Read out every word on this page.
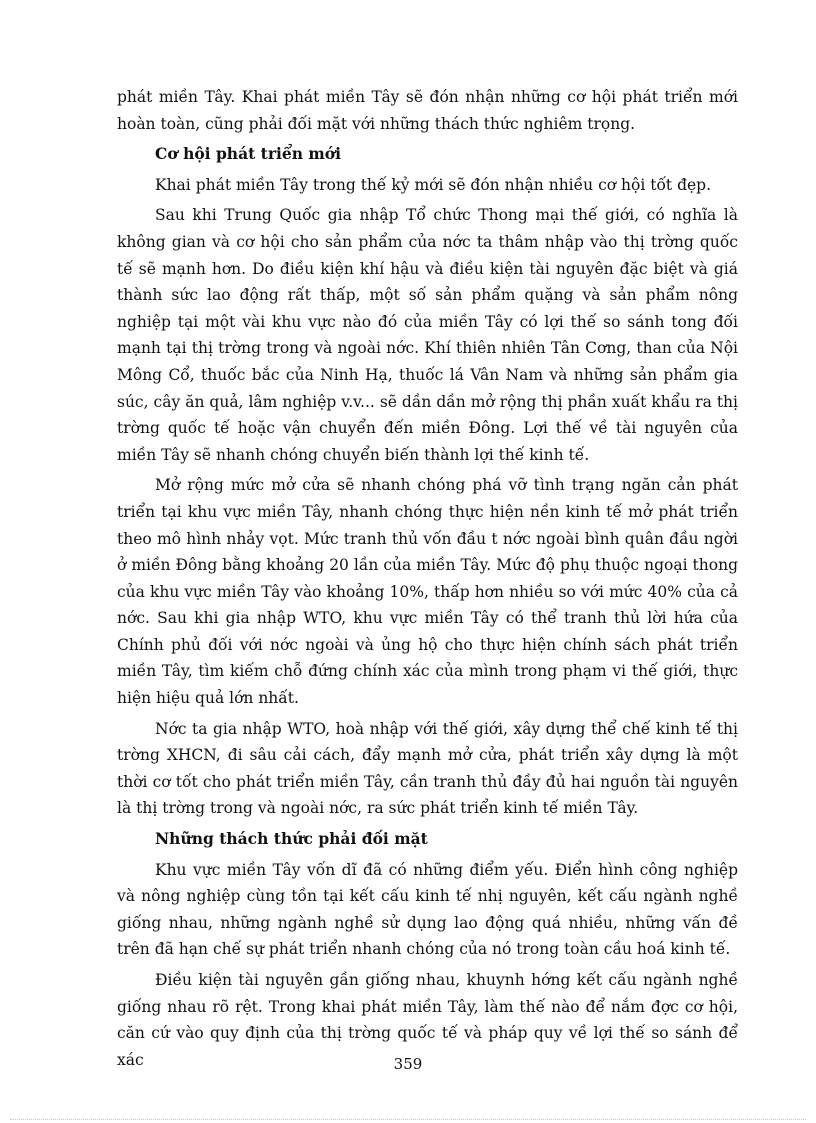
phát miền Tây. Khai phát miền Tây sẽ đón nhận những cơ hội phát triển mới hoàn toàn, cũng phải đối mặt với những thách thức nghiêm trọng.

Cơ hội phát triển mới

Khai phát miền Tây trong thế kỷ mới sẽ đón nhận nhiều cơ hội tốt đẹp.

Sau khi Trung Quốc gia nhập Tổ chức Thong mại thế giới, có nghĩa là không gian và cơ hội cho sản phẩm của nớc ta thâm nhập vào thị trờng quốc tế sẽ mạnh hơn. Do điều kiện khí hậu và điều kiện tài nguyên đặc biệt và giá thành sức lao động rất thấp, một số sản phẩm quặng và sản phẩm nông nghiệp tại một vài khu vực nào đó của miền Tây có lợi thế so sánh tong đối mạnh tại thị trờng trong và ngoài nớc. Khí thiên nhiên Tân Cơng, than của Nội Mông Cổ, thuốc bắc của Ninh Hạ, thuốc lá Vân Nam và những sản phẩm gia súc, cây ăn quả, lâm nghiệp v.v... sẽ dần dần mở rộng thị phần xuất khẩu ra thị trờng quốc tế hoặc vận chuyển đến miền Đông. Lợi thế về tài nguyên của miền Tây sẽ nhanh chóng chuyển biến thành lợi thế kinh tế.

Mở rộng mức mở cửa sẽ nhanh chóng phá vỡ tình trạng ngăn cản phát triển tại khu vực miền Tây, nhanh chóng thực hiện nền kinh tế mở phát triển theo mô hình nhảy vọt. Mức tranh thủ vốn đầu t nớc ngoài bình quân đầu ngời ở miền Đông bằng khoảng 20 lần của miền Tây. Mức độ phụ thuộc ngoại thong của khu vực miền Tây vào khoảng 10%, thấp hơn nhiều so với mức 40% của cả nớc. Sau khi gia nhập WTO, khu vực miền Tây có thể tranh thủ lời hứa của Chính phủ đối với nớc ngoài và ủng hộ cho thực hiện chính sách phát triển miền Tây, tìm kiếm chỗ đứng chính xác của mình trong phạm vi thế giới, thực hiện hiệu quả lớn nhất.

Nớc ta gia nhập WTO, hoà nhập với thế giới, xây dựng thể chế kinh tế thị trờng XHCN, đi sâu cải cách, đẩy mạnh mở cửa, phát triển xây dựng là một thời cơ tốt cho phát triển miền Tây, cần tranh thủ đầy đủ hai nguồn tài nguyên là thị trờng trong và ngoài nớc, ra sức phát triển kinh tế miền Tây.

Những thách thức phải đối mặt

Khu vực miền Tây vốn dĩ đã có những điểm yếu. Điển hình công nghiệp và nông nghiệp cùng tồn tại kết cấu kinh tế nhị nguyên, kết cấu ngành nghề giống nhau, những ngành nghề sử dụng lao động quá nhiều, những vấn đề trên đã hạn chế sự phát triển nhanh chóng của nó trong toàn cầu hoá kinh tế.

Điều kiện tài nguyên gần giống nhau, khuynh hớng kết cấu ngành nghề giống nhau rõ rệt. Trong khai phát miền Tây, làm thế nào để nắm đợc cơ hội, căn cứ vào quy định của thị trờng quốc tế và pháp quy về lợi thế so sánh để xác	359
